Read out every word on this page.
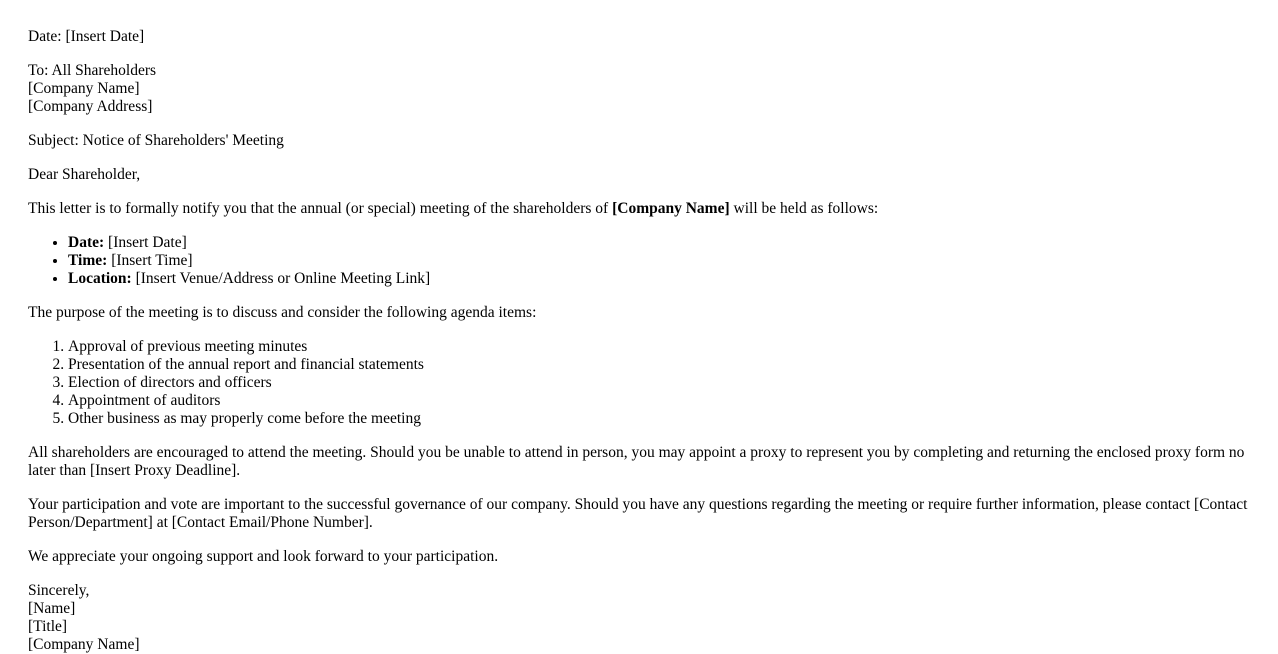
Date: [Insert Date]

To: All Shareholders
[Company Name]
[Company Address]

Subject: Notice of Shareholders' Meeting

Dear Shareholder,

This letter is to formally notify you that the annual (or special) meeting of the shareholders of [Company Name] will be held as follows:

• Date: [Insert Date]
• Time: [Insert Time]
• Location: [Insert Venue/Address or Online Meeting Link]

The purpose of the meeting is to discuss and consider the following agenda items:

1. Approval of previous meeting minutes
2. Presentation of the annual report and financial statements
3. Election of directors and officers
4. Appointment of auditors
5. Other business as may properly come before the meeting

All shareholders are encouraged to attend the meeting. Should you be unable to attend in person, you may appoint a proxy to represent you by completing and returning the enclosed proxy form no later than [Insert Proxy Deadline].

Your participation and vote are important to the successful governance of our company. Should you have any questions regarding the meeting or require further information, please contact [Contact Person/Department] at [Contact Email/Phone Number].

We appreciate your ongoing support and look forward to your participation.

Sincerely,
[Name]
[Title]
[Company Name]
